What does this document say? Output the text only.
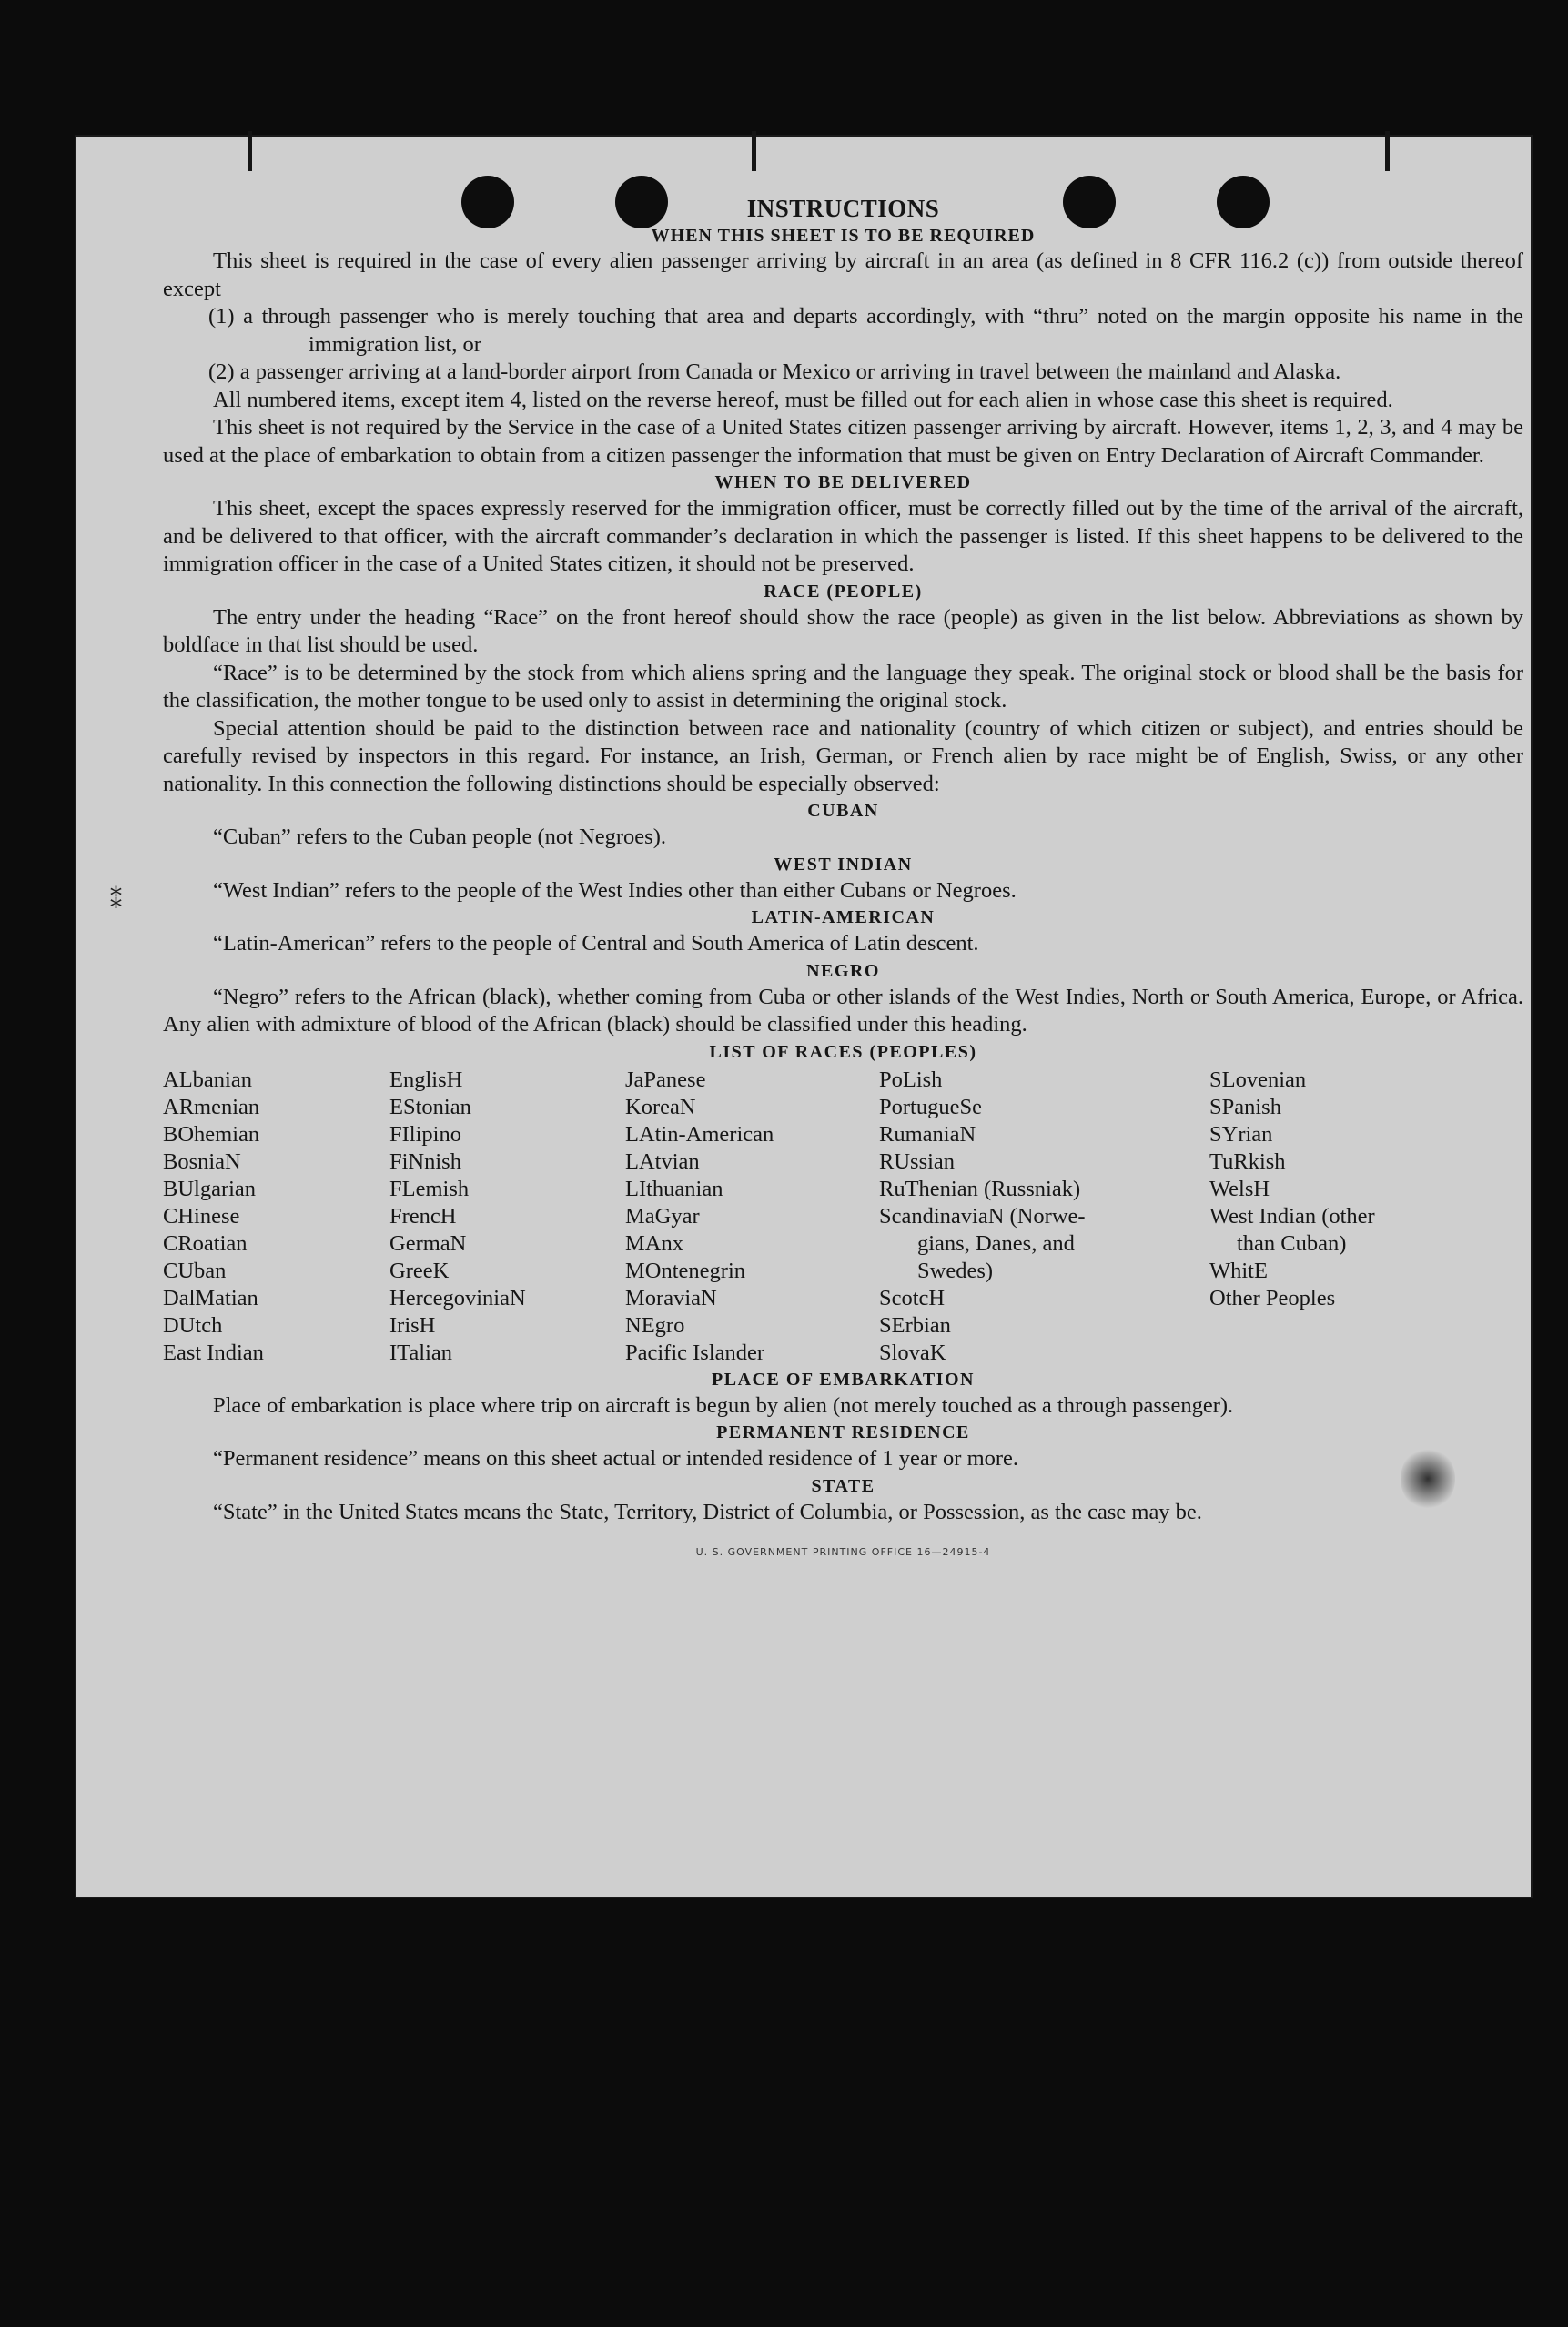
⁑
INSTRUCTIONS
WHEN THIS SHEET IS TO BE REQUIRED

This sheet is required in the case of every alien passenger arriving by aircraft in an area (as defined in 8 CFR 116.2 (c)) from outside thereof except

(1) a through passenger who is merely touching that area and departs accordingly, with “thru” noted on the margin opposite his name in the immigration list, or

(2) a passenger arriving at a land-border airport from Canada or Mexico or arriving in travel between the mainland and Alaska.

All numbered items, except item 4, listed on the reverse hereof, must be filled out for each alien in whose case this sheet is required.

This sheet is not required by the Service in the case of a United States citizen passenger arriving by aircraft. However, items 1, 2, 3, and 4 may be used at the place of embarkation to obtain from a citizen passenger the information that must be given on Entry Declaration of Aircraft Commander.

WHEN TO BE DELIVERED

This sheet, except the spaces expressly reserved for the immigration officer, must be correctly filled out by the time of the arrival of the aircraft, and be delivered to that officer, with the aircraft commander’s declaration in which the passenger is listed. If this sheet happens to be delivered to the immigration officer in the case of a United States citizen, it should not be preserved.

RACE (PEOPLE)

The entry under the heading “Race” on the front hereof should show the race (people) as given in the list below. Abbreviations as shown by boldface in that list should be used.

“Race” is to be determined by the stock from which aliens spring and the language they speak. The original stock or blood shall be the basis for the classification, the mother tongue to be used only to assist in determining the original stock.

Special attention should be paid to the distinction between race and nationality (country of which citizen or subject), and entries should be carefully revised by inspectors in this regard. For instance, an Irish, German, or French alien by race might be of English, Swiss, or any other nationality. In this connection the following distinctions should be especially observed:

CUBAN

“Cuban” refers to the Cuban people (not Negroes).

WEST INDIAN

“West Indian” refers to the people of the West Indies other than either Cubans or Negroes.

LATIN-AMERICAN

“Latin-American” refers to the people of Central and South America of Latin descent.

NEGRO

“Negro” refers to the African (black), whether coming from Cuba or other islands of the West Indies, North or South America, Europe, or Africa. Any alien with admixture of blood of the African (black) should be classified under this heading.

LIST OF RACES (PEOPLES)
ALbanian
ARmenian
BOhemian
BosniaN
BUlgarian
CHinese
CRoatian
CUban
DalMatian
DUtch
East Indian
EnglisH
EStonian
FIlipino
FiNnish
FLemish
FrencH
GermaN
GreeK
HercegoviniaN
IrisH
ITalian
JaPanese
KoreaN
LAtin-American
LAtvian
LIthuanian
MaGyar
MAnx
MOntenegrin
MoraviaN
NEgro
Pacific Islander
PoLish
PortugueSe
RumaniaN
RUssian
RuThenian (Russniak)
ScandinaviaN (Norwe-
gians, Danes, and
Swedes)
ScotcH
SErbian
SlovaK
SLovenian
SPanish
SYrian
TuRkish
WelsH
West Indian (other
than Cuban)
WhitE
Other Peoples
PLACE OF EMBARKATION

Place of embarkation is place where trip on aircraft is begun by alien (not merely touched as a through passenger).

PERMANENT RESIDENCE

“Permanent residence” means on this sheet actual or intended residence of 1 year or more.

STATE

“State” in the United States means the State, Territory, District of Columbia, or Possession, as the case may be.

U. S. GOVERNMENT PRINTING OFFICE 16—24915-4
